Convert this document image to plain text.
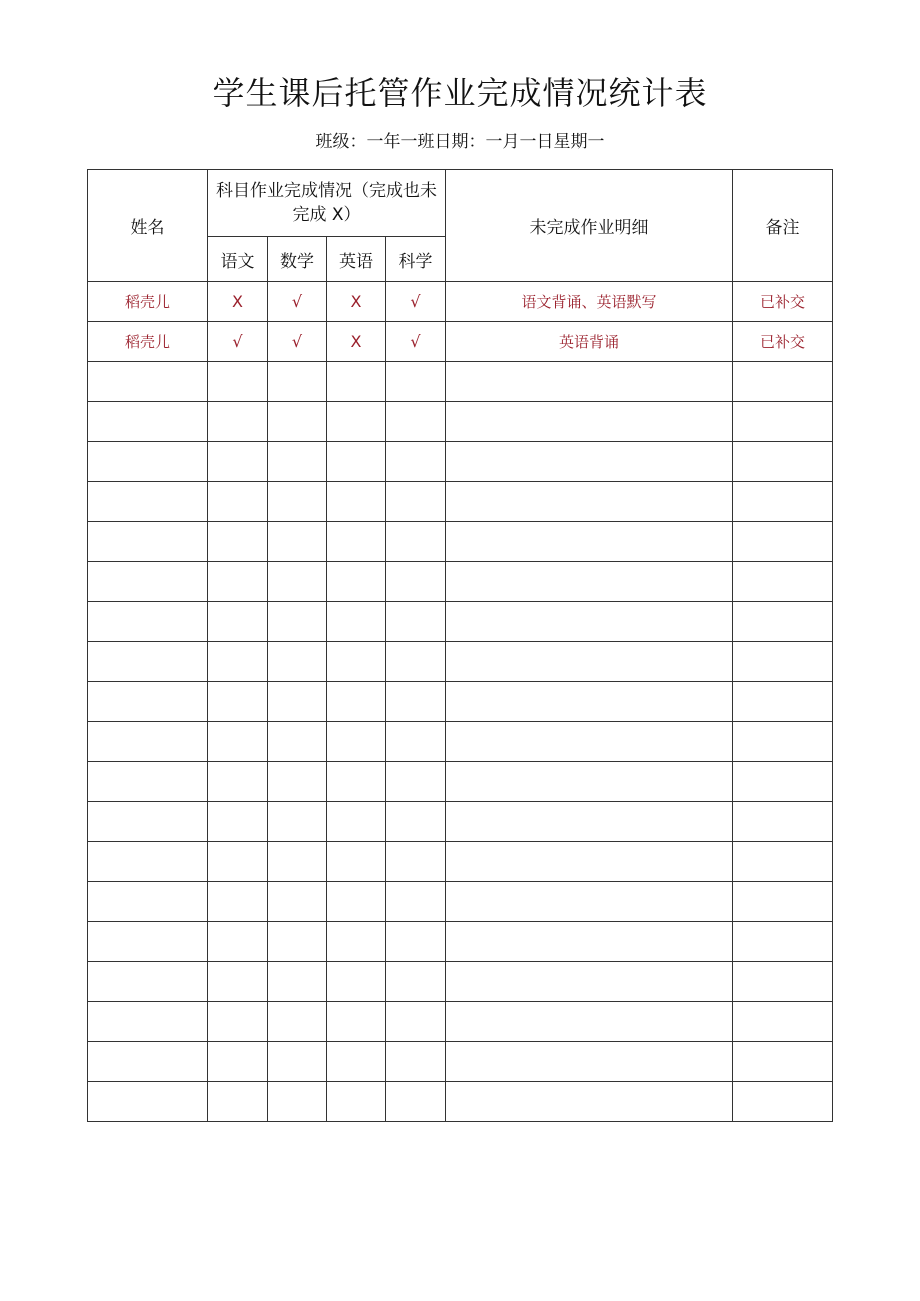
学生课后托管作业完成情况统计表
班级：一年一班日期：一月一日星期一
姓名	科目作业完成情况（完成也未完成 X）				未完成作业明细	备注
	语文	数学	英语	科学		
稻壳儿	X	√	X	√	语文背诵、英语默写	已补交
稻壳儿	√	√	X	√	英语背诵	已补交
